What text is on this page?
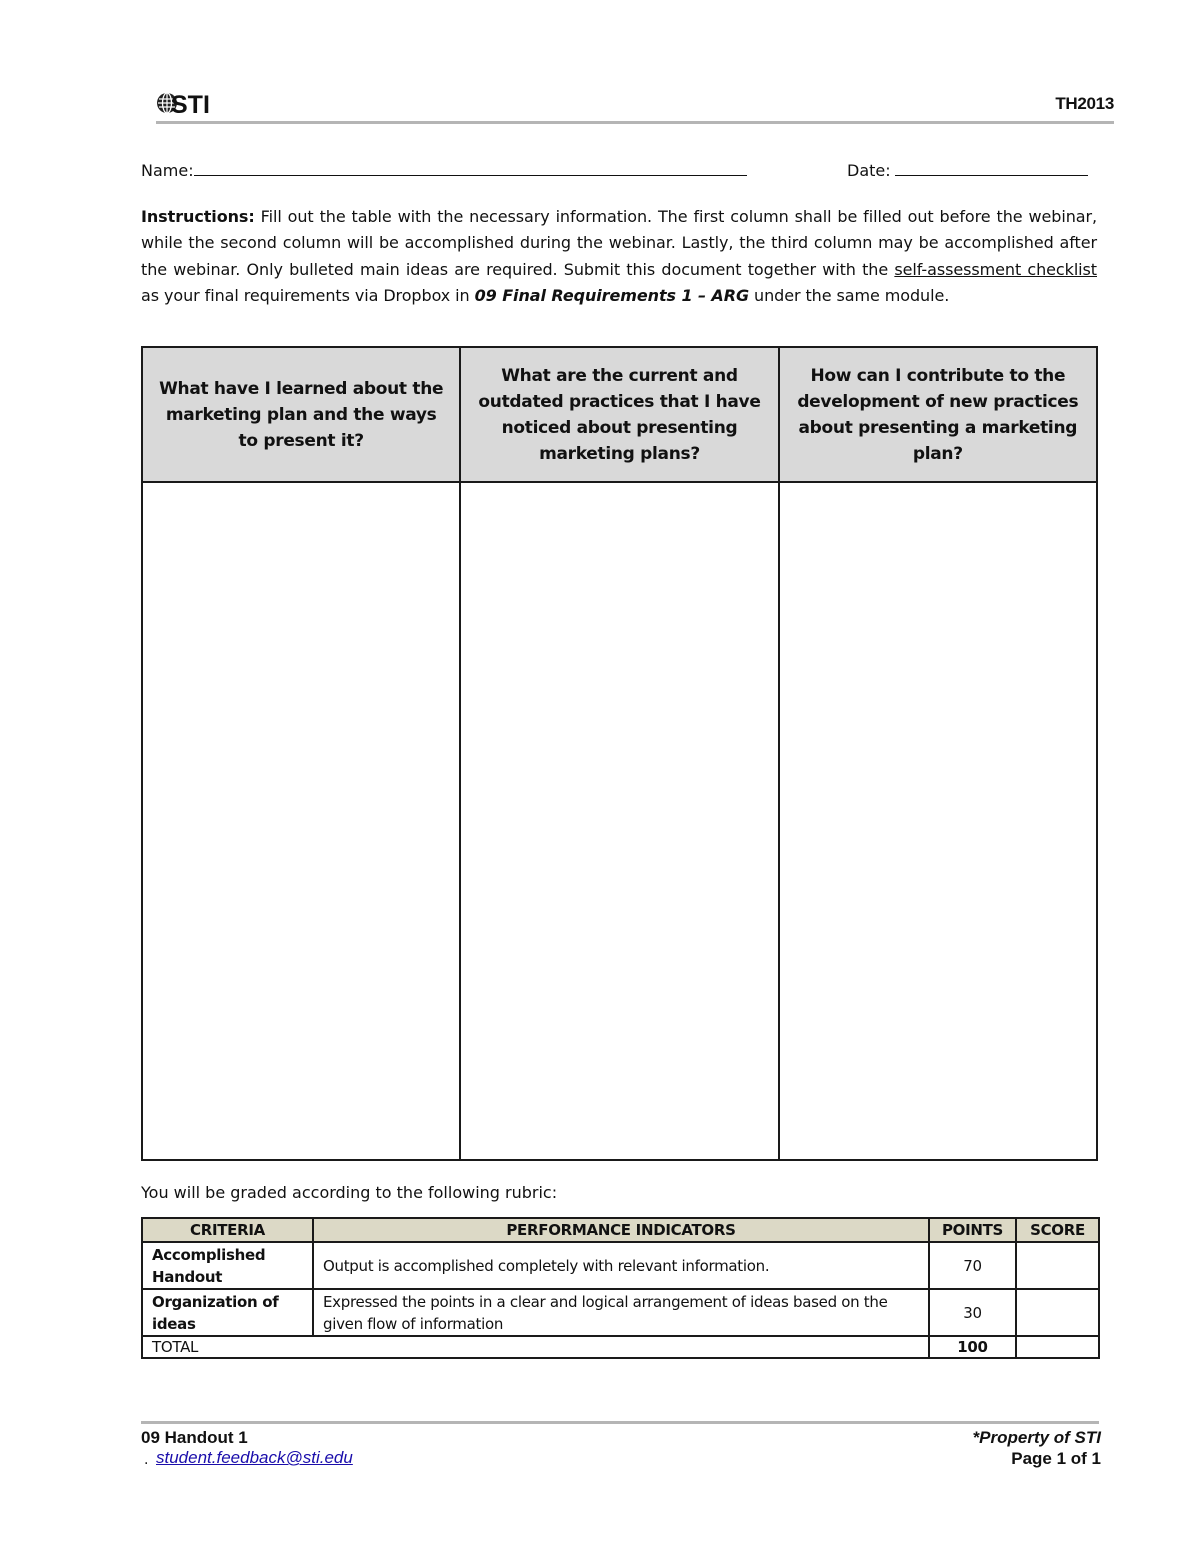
STI	TH2013
Name:	Date:
Instructions: Fill out the table with the necessary information. The first column shall be filled out before the webinar, while the second column will be accomplished during the webinar. Lastly, the third column may be accomplished after the webinar. Only bulleted main ideas are required. Submit this document together with the self-assessment checklist as your final requirements via Dropbox in 09 Final Requirements 1 – ARG under the same module.
What have I learned about the marketing plan and the ways to present it?	What are the current and outdated practices that I have noticed about presenting marketing plans?	How can I contribute to the development of new practices about presenting a marketing plan?

You will be graded according to the following rubric:
CRITERIA	PERFORMANCE INDICATORS	POINTS	SCORE
Accomplished Handout	Output is accomplished completely with relevant information.	70	
Organization of ideas	Expressed the points in a clear and logical arrangement of ideas based on the given flow of information	30	
TOTAL		100	
09 Handout 1
. student.feedback@sti.edu
*Property of STI
Page 1 of 1
